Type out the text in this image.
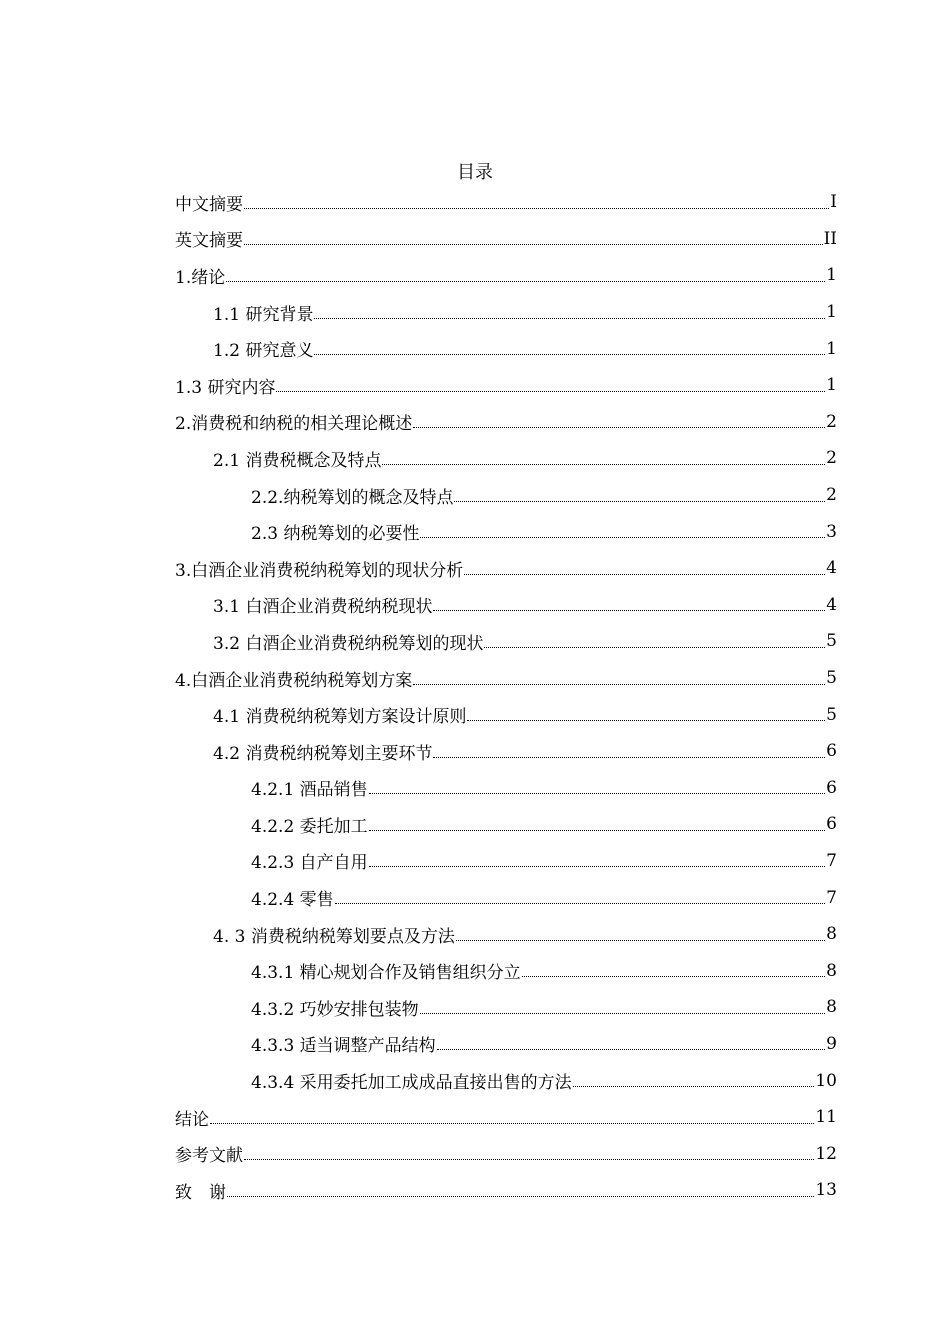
目录
中文摘要	I
英文摘要	II
1.绪论	1
1.1 研究背景	1
1.2 研究意义	1
1.3 研究内容	1
2.消费税和纳税的相关理论概述	2
2.1 消费税概念及特点	2
2.2.纳税筹划的概念及特点	2
2.3 纳税筹划的必要性	3
3.白酒企业消费税纳税筹划的现状分析	4
3.1 白酒企业消费税纳税现状	4
3.2 白酒企业消费税纳税筹划的现状	5
4.白酒企业消费税纳税筹划方案	5
4.1 消费税纳税筹划方案设计原则	5
4.2 消费税纳税筹划主要环节	6
4.2.1 酒品销售	6
4.2.2 委托加工	6
4.2.3 自产自用	7
4.2.4 零售	7
4. 3 消费税纳税筹划要点及方法	8
4.3.1 精心规划合作及销售组织分立	8
4.3.2 巧妙安排包装物	8
4.3.3 适当调整产品结构	9
4.3.4 采用委托加工成成品直接出售的方法	10
结论	11
参考文献	12
致　谢	13
